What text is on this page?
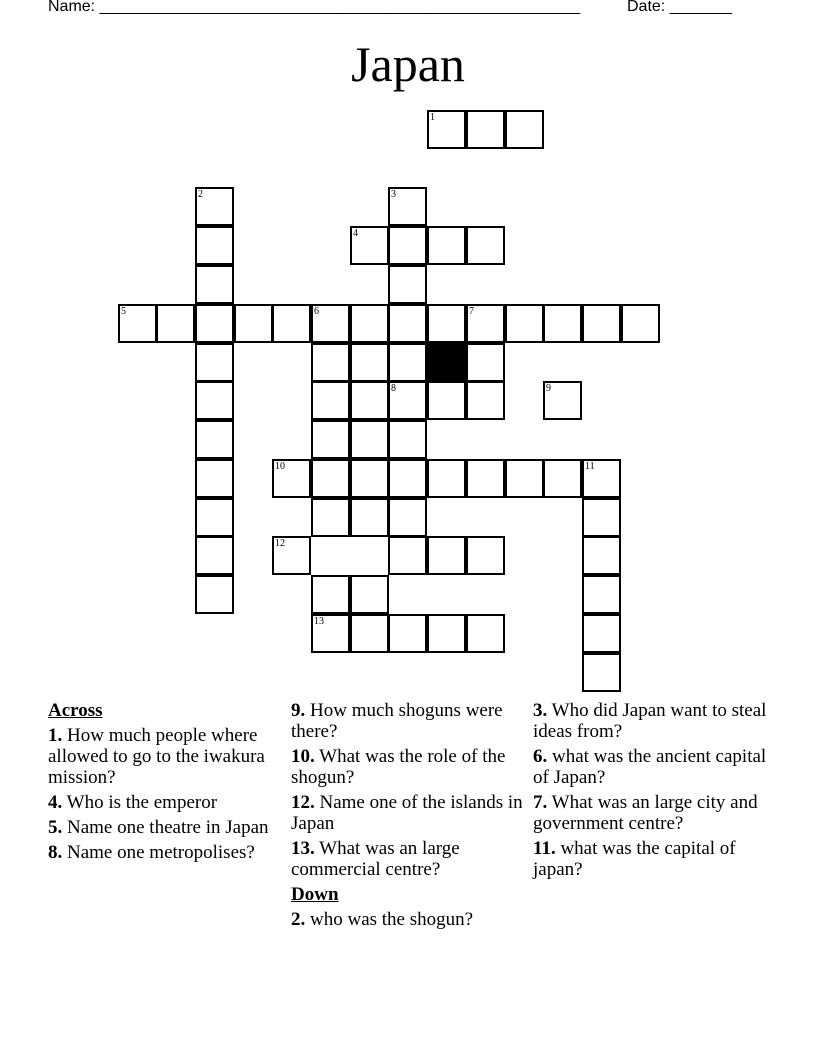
Name: ______________________________________________________	Date: _______
Japan
1
2	3
8
4
5	6	7
13
9
10	11
12
Across
1. How much people where allowed to go to the iwakura mission?
4. Who is the emperor
5. Name one theatre in Japan
8. Name one metropolises?
9. How much shoguns were there?
10. What was the role of the shogun?
12. Name one of the islands in Japan
13. What was an large commercial centre?
Down
2. who was the shogun?
3. Who did Japan want to steal ideas from?
6. what was the ancient capital of Japan?
7. What was an large city and government centre?
11. what was the capital of japan?
